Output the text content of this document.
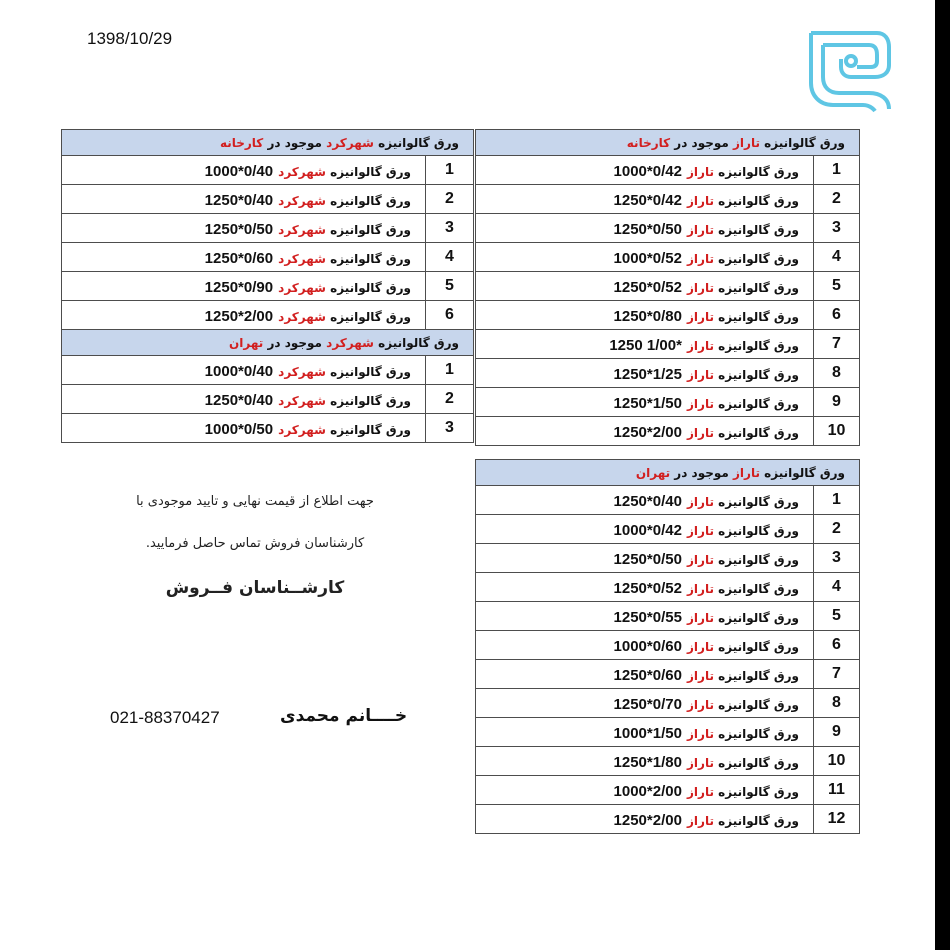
1398/10/29
ورق گالوانیزه شهرکرد موجود در کارخانه	
1	ورق گالوانیزه شهرکرد 1000*0/40
2	ورق گالوانیزه شهرکرد 1250*0/40
3	ورق گالوانیزه شهرکرد 1250*0/50
4	ورق گالوانیزه شهرکرد 1250*0/60
5	ورق گالوانیزه شهرکرد 1250*0/90
6	ورق گالوانیزه شهرکرد 1250*2/00
ورق گالوانیزه شهرکرد موجود در تهران	
1	ورق گالوانیزه شهرکرد 1000*0/40
2	ورق گالوانیزه شهرکرد 1250*0/40
3	ورق گالوانیزه شهرکرد 1000*0/50
ورق گالوانیزه تاراز موجود در کارخانه	
1	ورق گالوانیزه تاراز 1000*0/42
2	ورق گالوانیزه تاراز 1250*0/42
3	ورق گالوانیزه تاراز 1250*0/50
4	ورق گالوانیزه تاراز 1000*0/52
5	ورق گالوانیزه تاراز 1250*0/52
6	ورق گالوانیزه تاراز 1250*0/80
7	ورق گالوانیزه تاراز 1250 1/00*
8	ورق گالوانیزه تاراز 1250*1/25
9	ورق گالوانیزه تاراز 1250*1/50
10	ورق گالوانیزه تاراز 1250*2/00
ورق گالوانیزه تاراز موجود در تهران	
1	ورق گالوانیزه تاراز 1250*0/40
2	ورق گالوانیزه تاراز 1000*0/42
3	ورق گالوانیزه تاراز 1250*0/50
4	ورق گالوانیزه تاراز 1250*0/52
5	ورق گالوانیزه تاراز 1250*0/55
6	ورق گالوانیزه تاراز 1000*0/60
7	ورق گالوانیزه تاراز 1250*0/60
8	ورق گالوانیزه تاراز 1250*0/70
9	ورق گالوانیزه تاراز 1000*1/50
10	ورق گالوانیزه تاراز 1250*1/80
11	ورق گالوانیزه تاراز 1000*2/00
12	ورق گالوانیزه تاراز 1250*2/00
جهت اطلاع از قیمت نهایی و تایید موجودی با
کارشناسان فروش تماس حاصل فرمایید.
کارشــناسان فــروش
021-88370427	خــــانم محمدی
